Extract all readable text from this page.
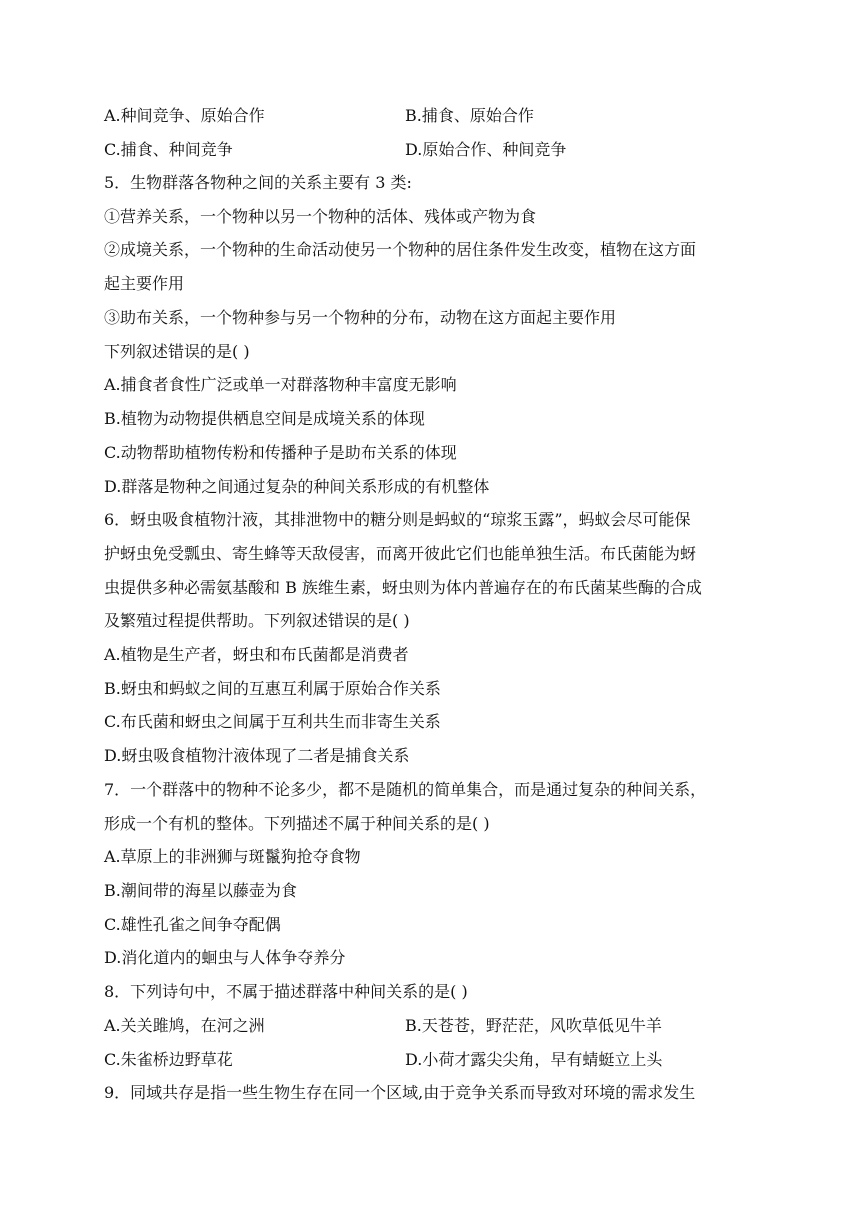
A.种间竞争、原始合作	B.捕食、原始合作
C.捕食、种间竞争	D.原始合作、种间竞争
5．生物群落各物种之间的关系主要有 3 类:
①营养关系，一个物种以另一个物种的活体、残体或产物为食
②成境关系，一个物种的生命活动使另一个物种的居住条件发生改变，植物在这方面
起主要作用
③助布关系，一个物种参与另一个物种的分布，动物在这方面起主要作用
下列叙述错误的是( )
A.捕食者食性广泛或单一对群落物种丰富度无影响
B.植物为动物提供栖息空间是成境关系的体现
C.动物帮助植物传粉和传播种子是助布关系的体现
D.群落是物种之间通过复杂的种间关系形成的有机整体
6．蚜虫吸食植物汁液，其排泄物中的糖分则是蚂蚁的“琼浆玉露”，蚂蚁会尽可能保
护蚜虫免受瓢虫、寄生蜂等天敌侵害，而离开彼此它们也能单独生活。布氏菌能为蚜
虫提供多种必需氨基酸和 B 族维生素，蚜虫则为体内普遍存在的布氏菌某些酶的合成
及繁殖过程提供帮助。下列叙述错误的是( )
A.植物是生产者，蚜虫和布氏菌都是消费者
B.蚜虫和蚂蚁之间的互惠互利属于原始合作关系
C.布氏菌和蚜虫之间属于互利共生而非寄生关系
D.蚜虫吸食植物汁液体现了二者是捕食关系
7．一个群落中的物种不论多少，都不是随机的简单集合，而是通过复杂的种间关系，
形成一个有机的整体。下列描述不属于种间关系的是( )
A.草原上的非洲狮与斑鬣狗抢夺食物
B.潮间带的海星以藤壶为食
C.雄性孔雀之间争夺配偶
D.消化道内的蛔虫与人体争夺养分
8．下列诗句中，不属于描述群落中种间关系的是( )
A.关关雎鸠，在河之洲	B.天苍苍，野茫茫，风吹草低见牛羊
C.朱雀桥边野草花	D.小荷才露尖尖角，早有蜻蜓立上头
9．同域共存是指一些生物生存在同一个区域,由于竞争关系而导致对环境的需求发生
